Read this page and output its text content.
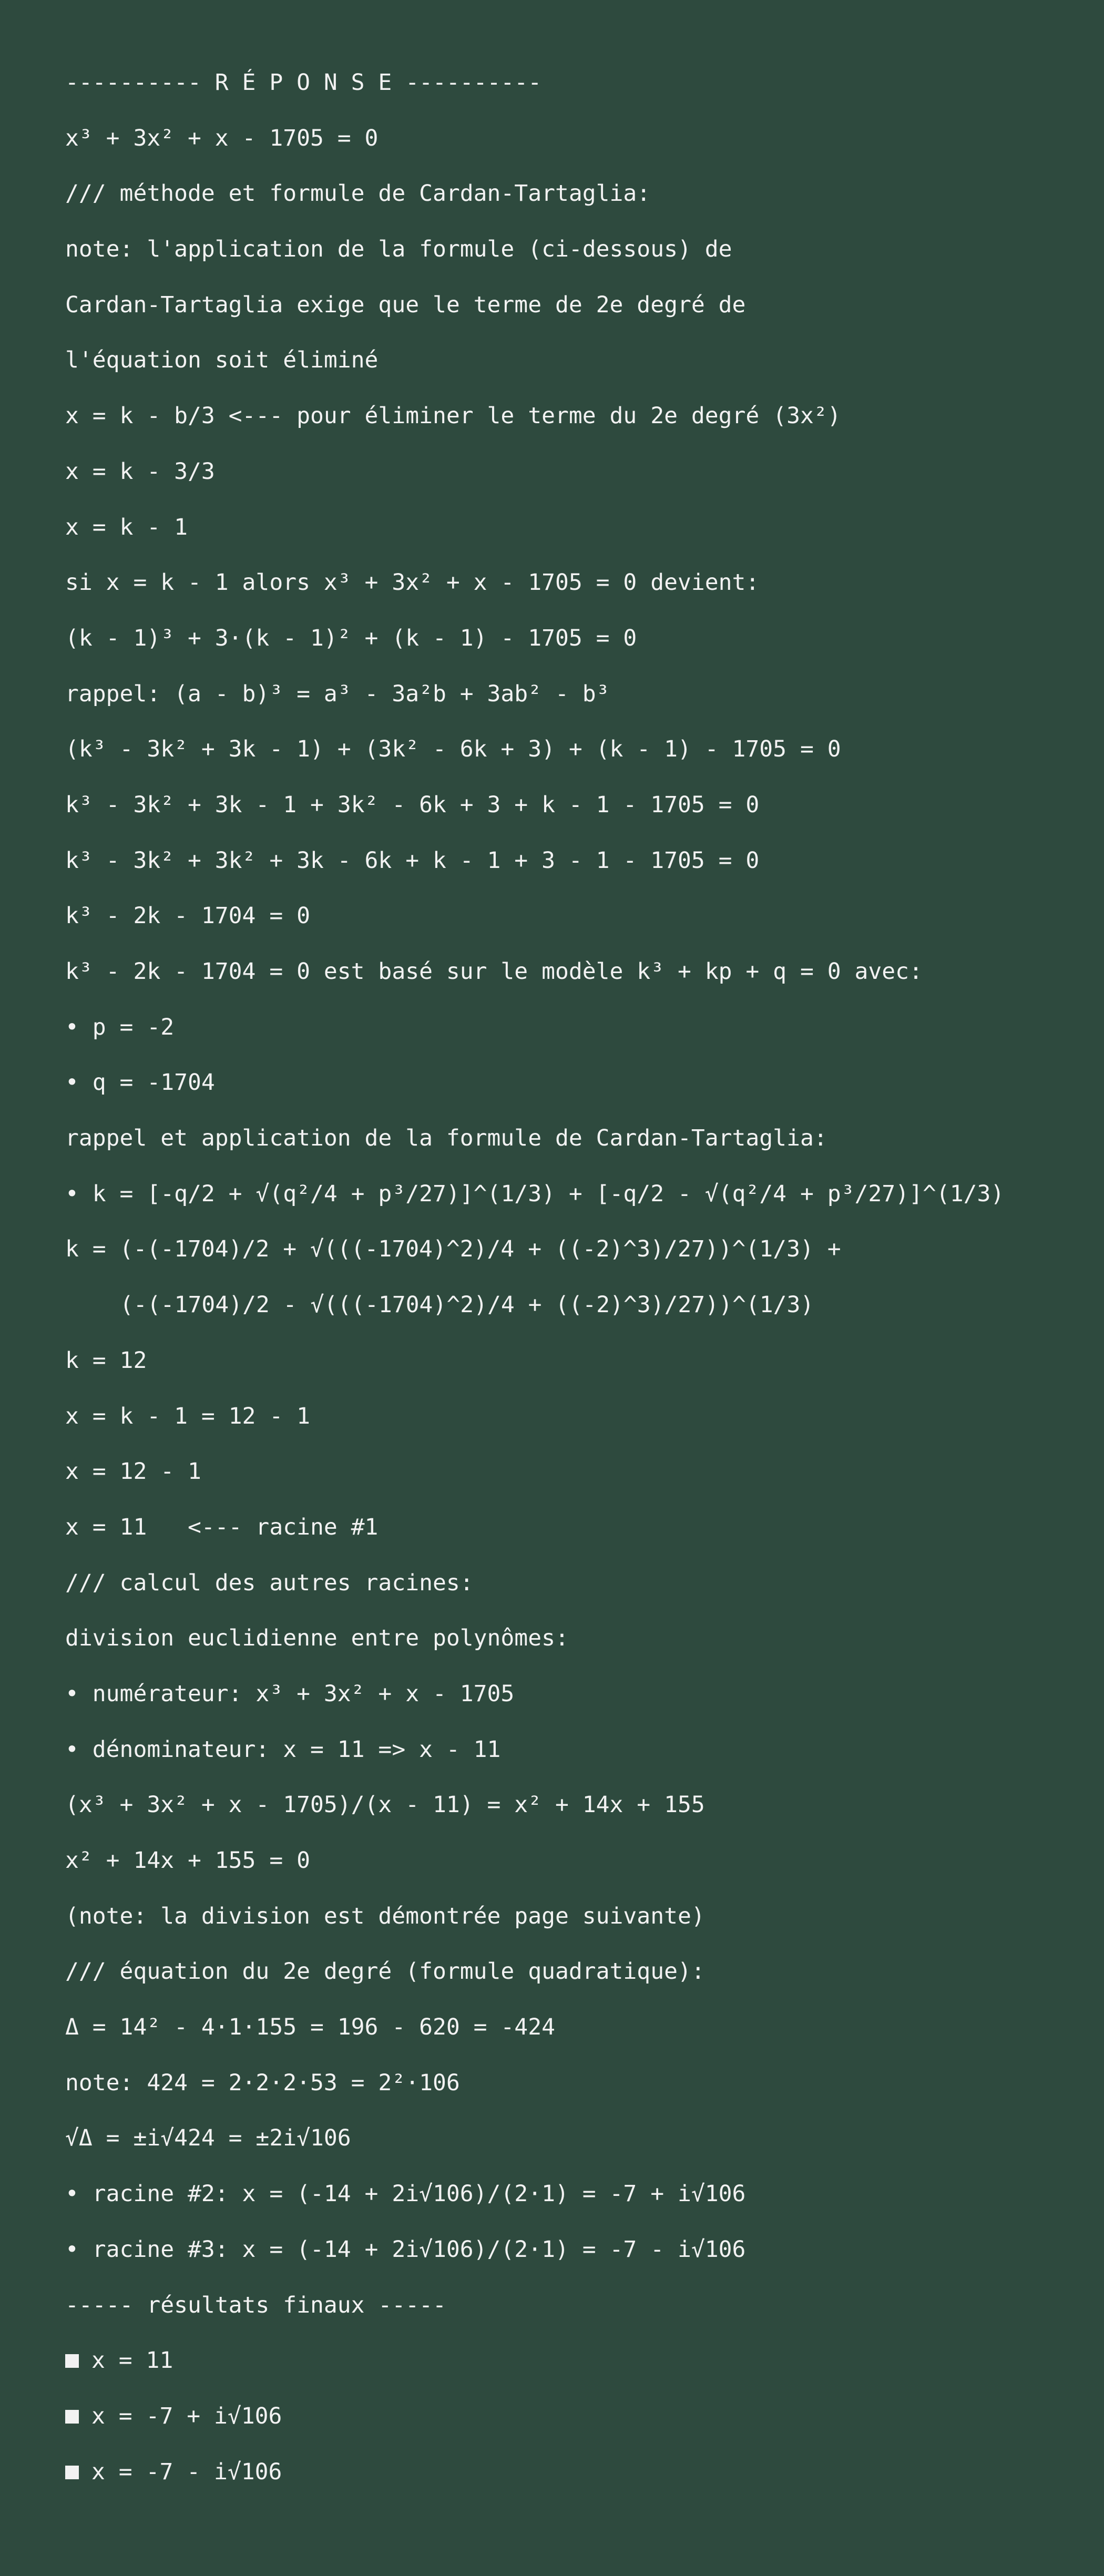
---------- R É P O N S E ----------
x³ + 3x² + x - 1705 = 0
/// méthode et formule de Cardan-Tartaglia:
note: l'application de la formule (ci-dessous) de
Cardan-Tartaglia exige que le terme de 2e degré de
l'équation soit éliminé
x = k - b/3 <--- pour éliminer le terme du 2e degré (3x²)
x = k - 3/3
x = k - 1
si x = k - 1 alors x³ + 3x² + x - 1705 = 0 devient:
(k - 1)³ + 3·(k - 1)² + (k - 1) - 1705 = 0
rappel: (a - b)³ = a³ - 3a²b + 3ab² - b³
(k³ - 3k² + 3k - 1) + (3k² - 6k + 3) + (k - 1) - 1705 = 0
k³ - 3k² + 3k - 1 + 3k² - 6k + 3 + k - 1 - 1705 = 0
k³ - 3k² + 3k² + 3k - 6k + k - 1 + 3 - 1 - 1705 = 0
k³ - 2k - 1704 = 0
k³ - 2k - 1704 = 0 est basé sur le modèle k³ + kp + q = 0 avec:
• p = -2
• q = -1704
rappel et application de la formule de Cardan-Tartaglia:
• k = [-q/2 + √(q²/4 + p³/27)]^(1/3) + [-q/2 - √(q²/4 + p³/27)]^(1/3)
k = (-(-1704)/2 + √(((-1704)^2)/4 + ((-2)^3)/27))^(1/3) +
(-(-1704)/2 - √(((-1704)^2)/4 + ((-2)^3)/27))^(1/3)
k = 12
x = k - 1 = 12 - 1
x = 12 - 1
x = 11   <--- racine #1
/// calcul des autres racines:
division euclidienne entre polynômes:
• numérateur: x³ + 3x² + x - 1705
• dénominateur: x = 11 => x - 11
(x³ + 3x² + x - 1705)/(x - 11) = x² + 14x + 155
x² + 14x + 155 = 0
(note: la division est démontrée page suivante)
/// équation du 2e degré (formule quadratique):
Δ = 14² - 4·1·155 = 196 - 620 = -424
note: 424 = 2·2·2·53 = 2²·106
√Δ = ±i√424 = ±2i√106
• racine #2: x = (-14 + 2i√106)/(2·1) = -7 + i√106
• racine #3: x = (-14 + 2i√106)/(2·1) = -7 - i√106
----- résultats finaux -----
x = 11
x = -7 + i√106
x = -7 - i√106
